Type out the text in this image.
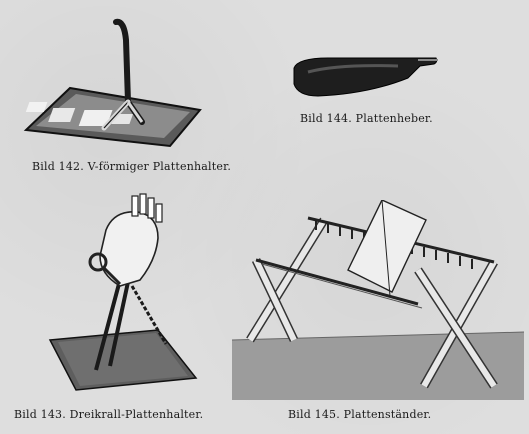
Bild 142. V-förmiger Plattenhalter.
Bild 144. Plattenheber.
Bild 143. Dreikrall-Plattenhalter.	Bild 145. Plattenständer.
